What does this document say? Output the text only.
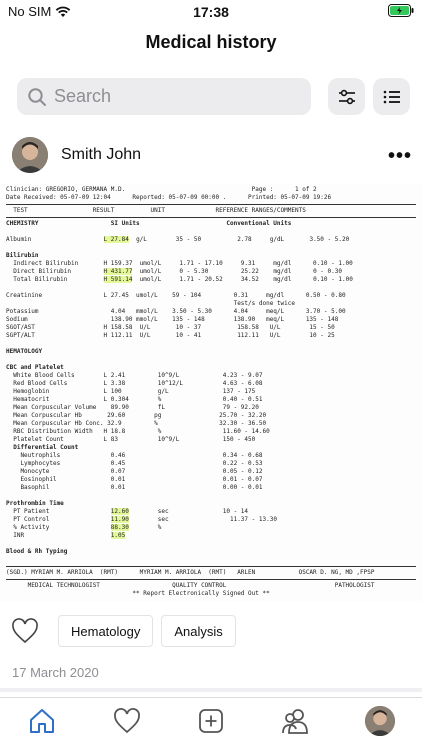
No SIM	17:38
Medical history
Search
Smith John	•••
Clinician: GREGORIO, GERMANA M.D.                                   Page :      1 of 2
Date Received: 05-07-09 12:04      Reported: 05-07-09 00:00 .      Printed: 05-07-09 19:26
TEST                  RESULT          UNIT              REFERENCE RANGES/COMMENTS
CHEMISTRY                    SI Units                        Conventional Units

Albumin                    L 27.84  g/L        35 - 50          2.78     g/dL       3.50 - 5.20

Bilirubin
Indirect Bilirubin       H 159.37  umol/L     1.71 - 17.10     9.31     mg/dl      0.10 - 1.00
Direct Bilirubin         H 431.77  umol/L     0 - 5.30         25.22    mg/dl      0 - 0.30
Total Bilirubin          H 591.14  umol/L     1.71 - 20.52     34.52    mg/dl      0.10 - 1.00

Creatinine                 L 27.45  umol/L    59 - 104         0.31     mg/dl      0.50 - 0.80
Test/s done twice
Potassium                    4.04   mmol/L    3.50 - 5.30      4.04     meq/L      3.70 - 5.00
Sodium                       138.90 mmol/L    135 - 148        138.90   meq/L      135 - 148
SGOT/AST                   H 158.58  U/L       10 - 37          158.58   U/L        15 - 50
SGPT/ALT                   H 112.11  U/L       10 - 41          112.11   U/L        10 - 25

HEMATOLOGY

CBC and Platelet
White Blood Cells        L 2.41         10^9/L            4.23 - 9.07
Red Blood Cells          L 3.38         10^12/L           4.63 - 6.08
Hemoglobin               L 100          g/L               137 - 175
Hematocrit               L 0.304        %                 0.40 - 0.51
Mean Corpuscular Volume    89.90        fL                79 - 92.20
Mean Corpuscular Hb       29.60        pg                25.70 - 32.20
Mean Corpuscular Hb Conc. 32.9         %                 32.30 - 36.50
RBC Distribution Width   H 18.8         %                 11.60 - 14.60
Platelet Count           L 83           10^9/L            150 - 450
Differential Count
Neutrophils              0.46                           0.34 - 0.68
Lymphocytes              0.45                           0.22 - 0.53
Monocyte                 0.07                           0.05 - 0.12
Eosinophil               0.01                           0.01 - 0.07
Basophil                 0.01                           0.00 - 0.01

Prothrombin Time
PT Patient                 12.60        sec               10 - 14
PT Control                 11.90        sec                 11.37 - 13.30
% Activity                 88.30        %
INR                        1.05

Blood & Rh Typing

(SGD.) MYRIAM M. ARRIOLA  (RMT)      MYRIAM M. ARRIOLA  (RMT)   ARLEN            OSCAR D. NG, MD ,FPSP
MEDICAL TECHNOLOGIST                    QUALITY CONTROL                              PATHOLOGIST
** Report Electronically Signed Out **
Hematology	Analysis
17 March 2020
